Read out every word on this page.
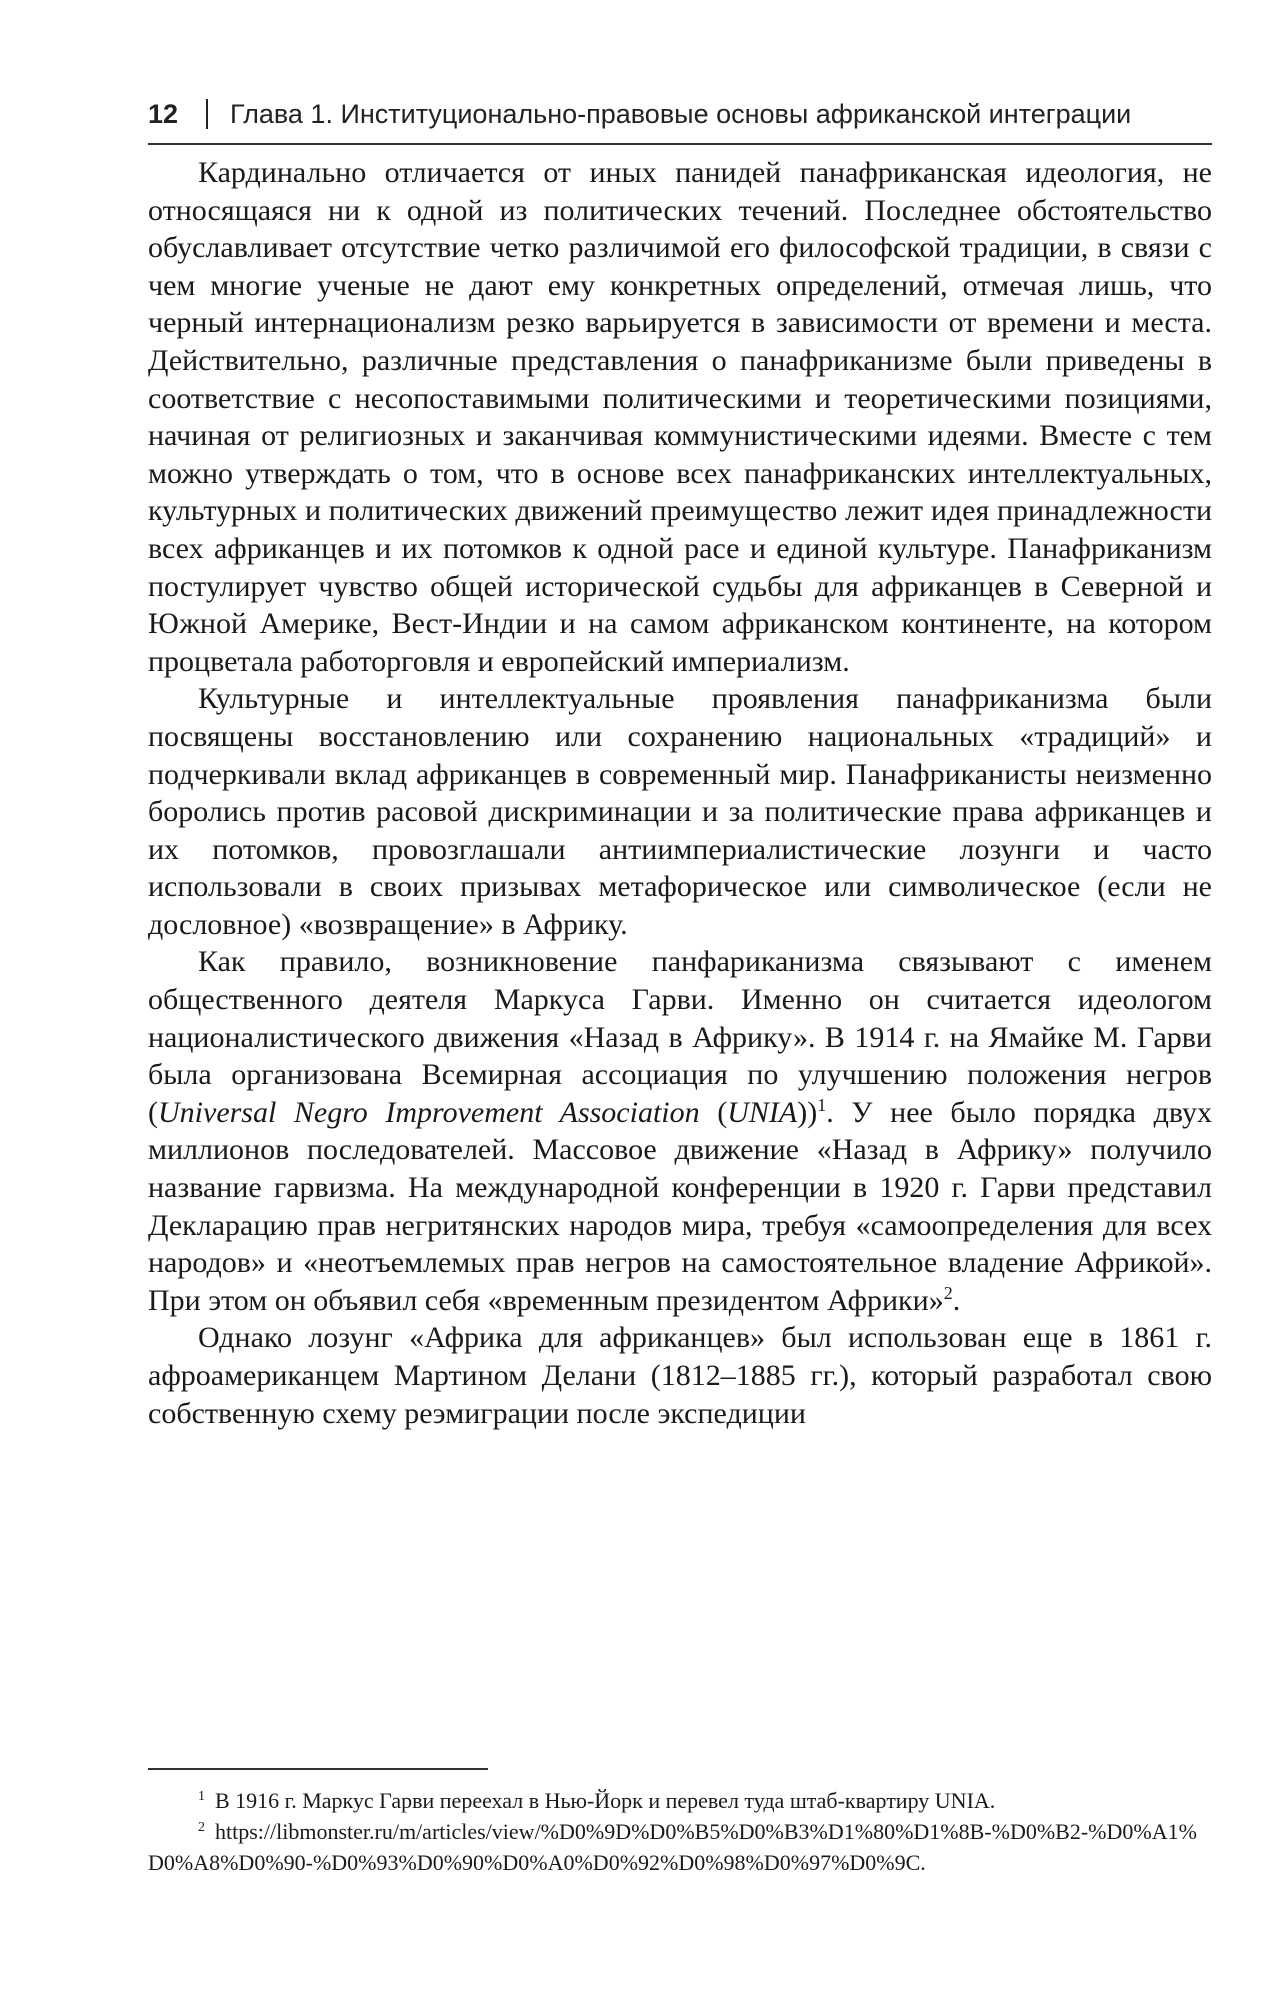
12	Глава 1. Институционально-правовые основы африканской интеграции

Кардинально отличается от иных панидей панафриканская идеология, не относящаяся ни к одной из политических течений. Последнее обстоятельство обуславливает отсутствие четко различимой его философской традиции, в связи с чем многие ученые не дают ему конкретных определений, отмечая лишь, что черный интернационализм резко варьируется в зависимости от времени и места. Действительно, различные представления о панафриканизме были приведены в соответствие с несопоставимыми политическими и теоретическими позициями, начиная от религиозных и заканчивая коммунистическими идеями. Вместе с тем можно утверждать о том, что в основе всех панафриканских интеллектуальных, культурных и политических движений преимущество лежит идея принадлежности всех африканцев и их потомков к одной расе и единой культуре. Панафриканизм постулирует чувство общей исторической судьбы для африканцев в Северной и Южной Америке, Вест-Индии и на самом африканском континенте, на котором процветала работорговля и европейский империализм.

Культурные и интеллектуальные проявления панафриканизма были посвящены восстановлению или сохранению национальных «традиций» и подчеркивали вклад африканцев в современный мир. Панафриканисты неизменно боролись против расовой дискриминации и за политические права африканцев и их потомков, провозглашали антиимпериалистические лозунги и часто использовали в своих призывах метафорическое или символическое (если не дословное) «возвращение» в Африку.

Как правило, возникновение панфариканизма связывают с именем общественного деятеля Маркуса Гарви. Именно он считается идеологом националистического движения «Назад в Африку». В 1914 г. на Ямайке М. Гарви была организована Всемирная ассоциация по улучшению положения негров (Universal Negro Improvement Association (UNIA))$^1$. У нее было порядка двух миллионов последователей. Массовое движение «Назад в Африку» получило название гарвизма. На международной конференции в 1920 г. Гарви представил Декларацию прав негритянских народов мира, требуя «самоопределения для всех народов» и «неотъемлемых прав негров на самостоятельное владение Африкой». При этом он объявил себя «временным президентом Африки»$^2$.

Однако лозунг «Африка для африканцев» был использован еще в 1861 г. афроамериканцем Мартином Делани (1812–1885 гг.), который разработал свою собственную схему реэмиграции после экспедиции

$^1$ В 1916 г. Маркус Гарви переехал в Нью-Йорк и перевел туда штаб-квартиру UNIA.

$^2$ https://libmonster.ru/m/articles/view/%D0%9D%D0%B5%D0%B3%D1%80%D1%8B-%D0%B2-%D0%A1%D0%A8%D0%90-%D0%93%D0%90%D0%A0%D0%92%D0%98%D0%97%D0%9C.
